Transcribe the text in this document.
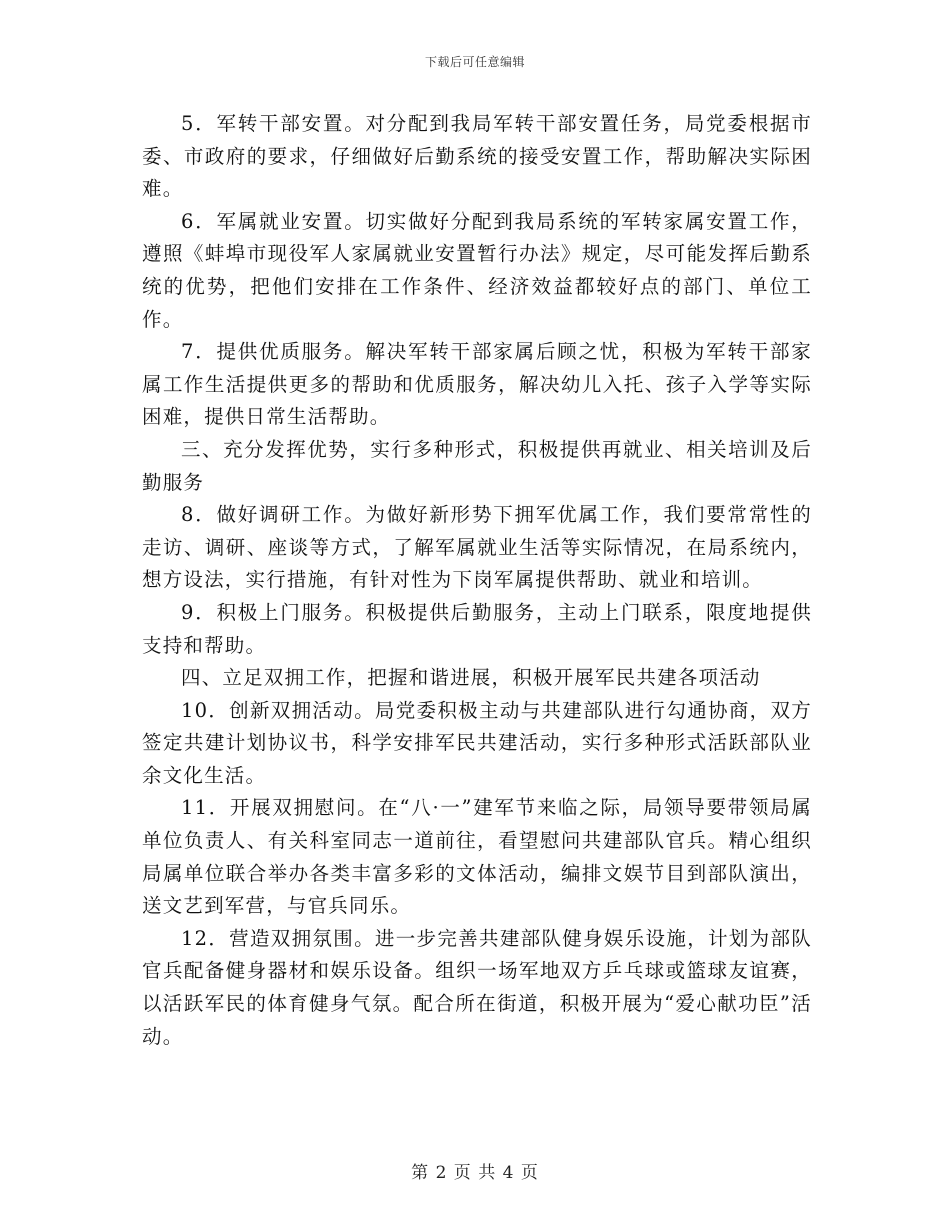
下载后可任意编辑

5．军转干部安置。对分配到我局军转干部安置任务，局党委根据市委、市政府的要求，仔细做好后勤系统的接受安置工作，帮助解决实际困难。

6．军属就业安置。切实做好分配到我局系统的军转家属安置工作，遵照《蚌埠市现役军人家属就业安置暂行办法》规定，尽可能发挥后勤系统的优势，把他们安排在工作条件、经济效益都较好点的部门、单位工作。

7．提供优质服务。解决军转干部家属后顾之忧，积极为军转干部家属工作生活提供更多的帮助和优质服务，解决幼儿入托、孩子入学等实际困难，提供日常生活帮助。

三、充分发挥优势，实行多种形式，积极提供再就业、相关培训及后勤服务

8．做好调研工作。为做好新形势下拥军优属工作，我们要常常性的走访、调研、座谈等方式，了解军属就业生活等实际情况，在局系统内，想方设法，实行措施，有针对性为下岗军属提供帮助、就业和培训。

9．积极上门服务。积极提供后勤服务，主动上门联系，限度地提供支持和帮助。

四、立足双拥工作，把握和谐进展，积极开展军民共建各项活动

10．创新双拥活动。局党委积极主动与共建部队进行勾通协商，双方签定共建计划协议书，科学安排军民共建活动，实行多种形式活跃部队业余文化生活。

11．开展双拥慰问。在“八·一”建军节来临之际，局领导要带领局属单位负责人、有关科室同志一道前往，看望慰问共建部队官兵。精心组织局属单位联合举办各类丰富多彩的文体活动，编排文娱节目到部队演出，送文艺到军营，与官兵同乐。

12．营造双拥氛围。进一步完善共建部队健身娱乐设施，计划为部队官兵配备健身器材和娱乐设备。组织一场军地双方乒乓球或篮球友谊赛，以活跃军民的体育健身气氛。配合所在街道，积极开展为“爱心献功臣”活动。

第 2 页 共 4 页
